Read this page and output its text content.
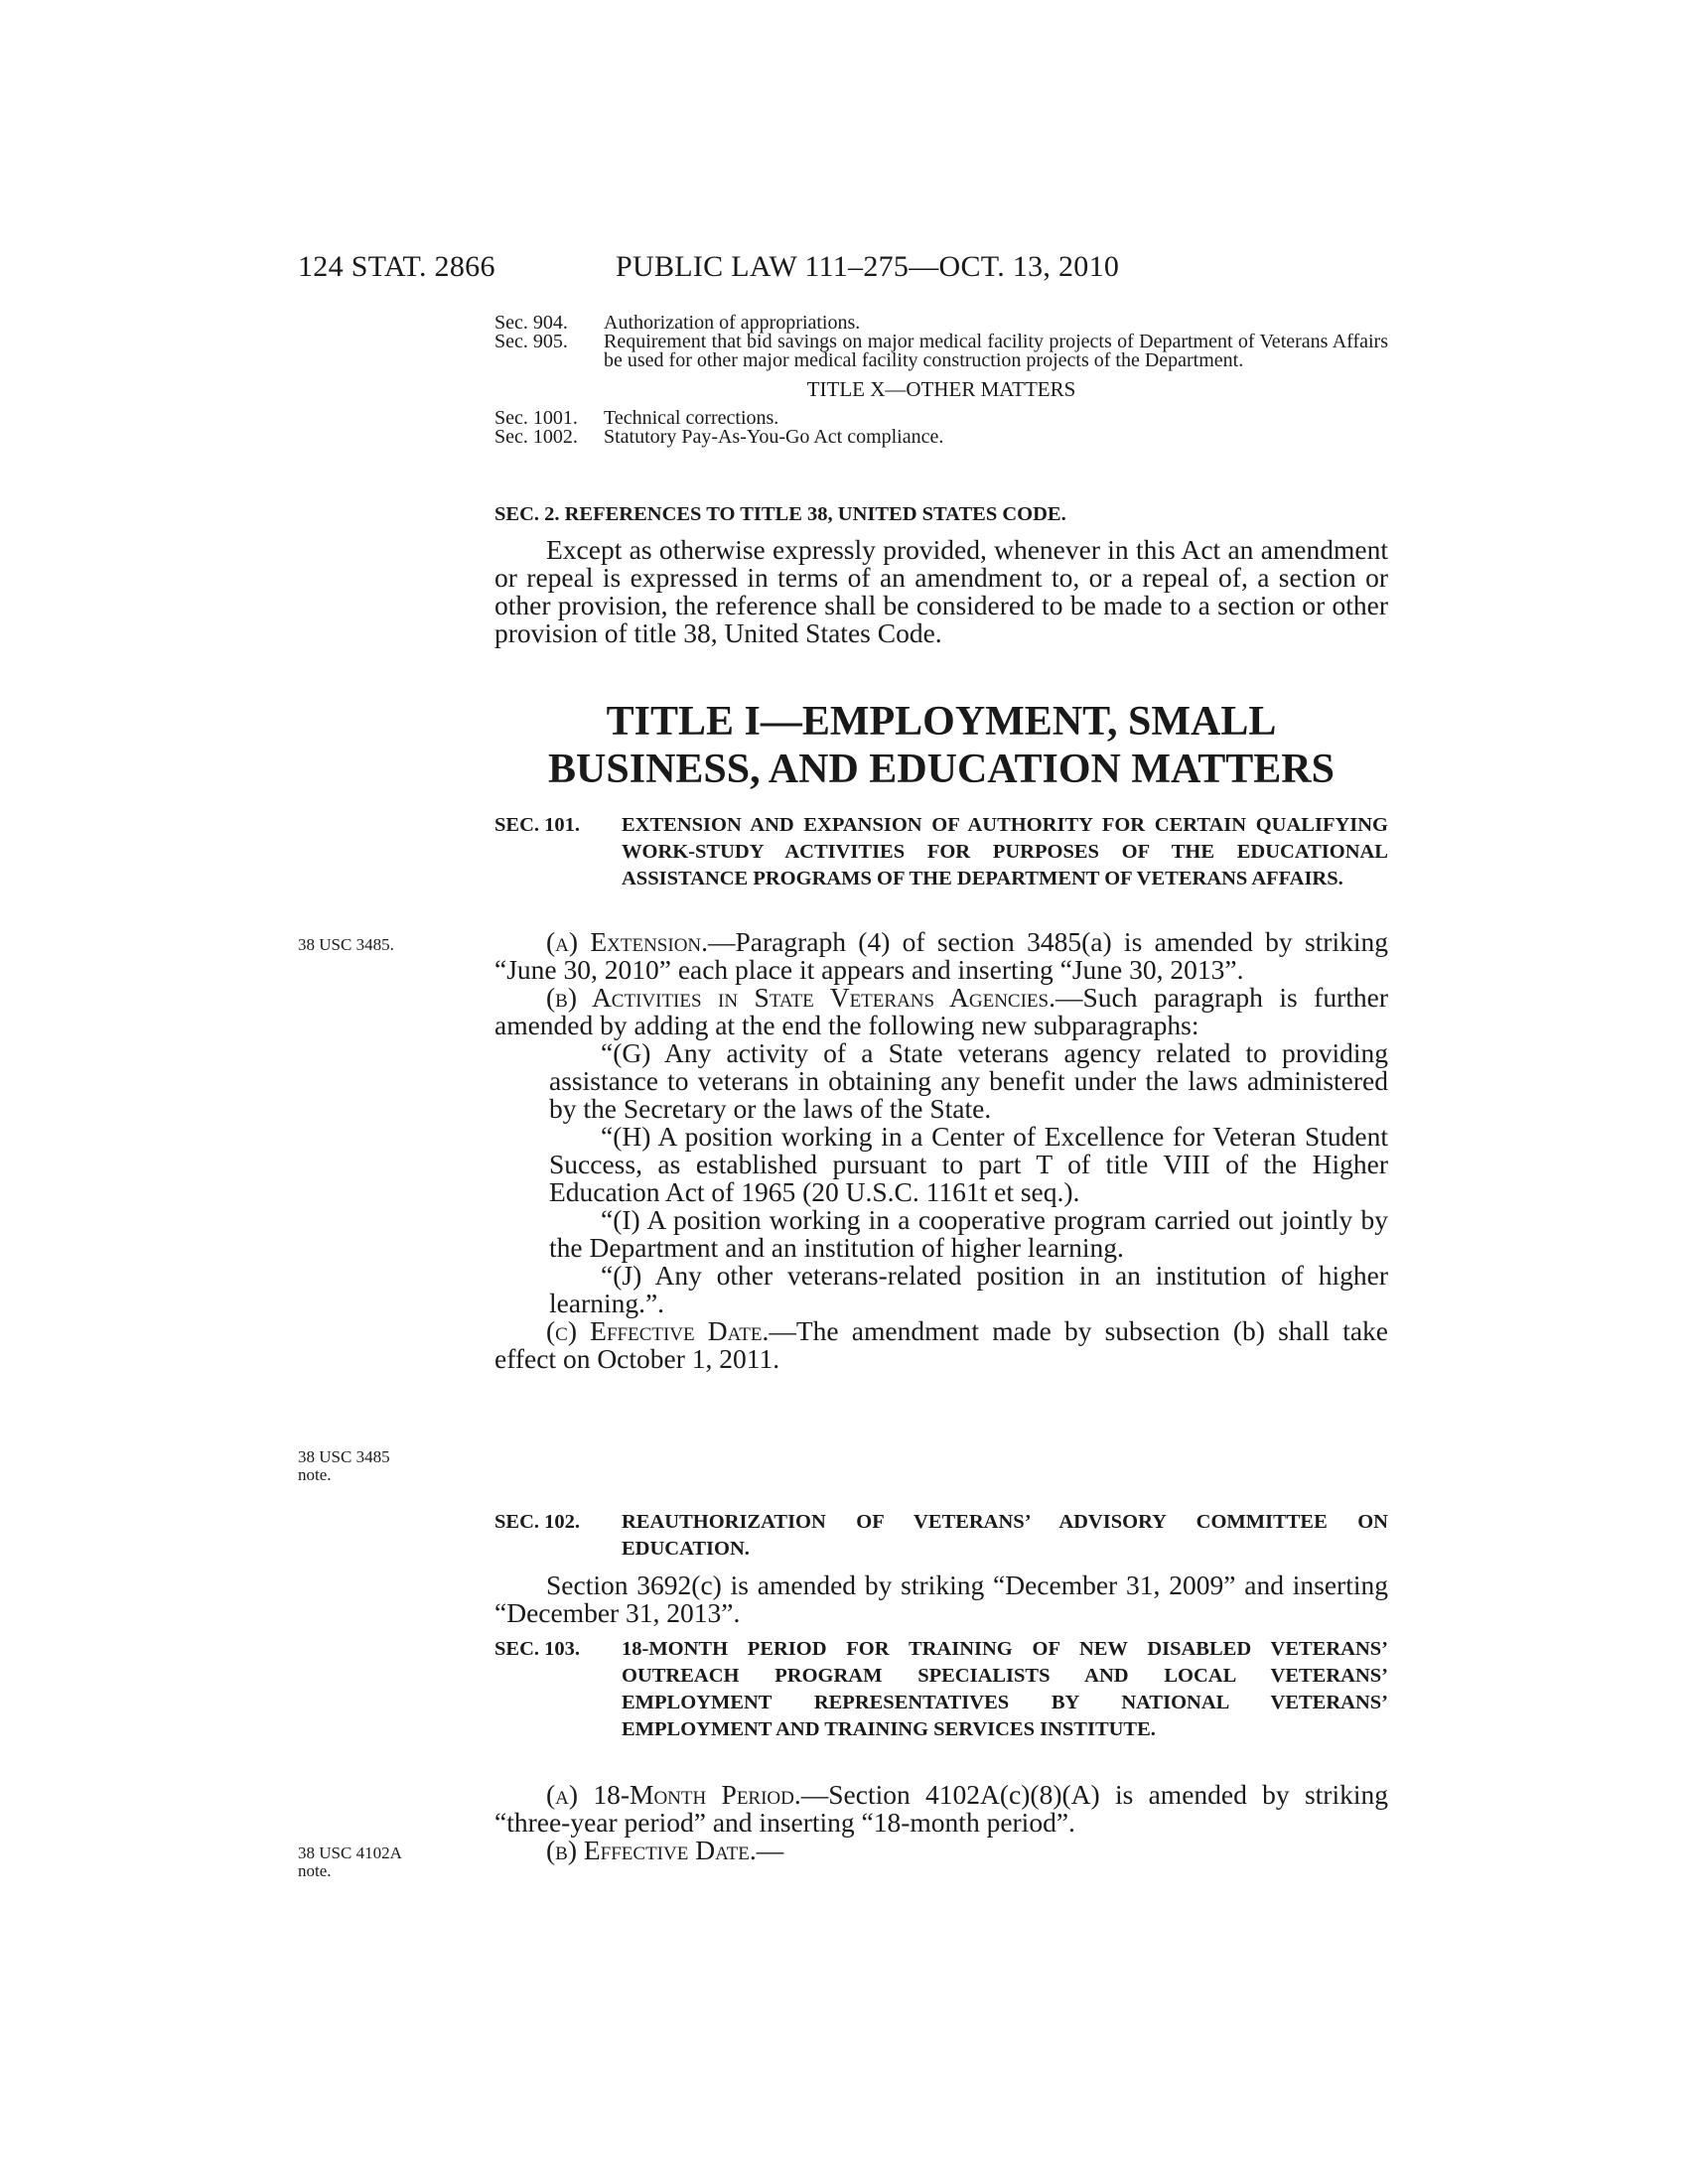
124 STAT. 2866	PUBLIC LAW 111–275—OCT. 13, 2010
Sec. 904.	Authorization of appropriations.
Sec. 905.	Requirement that bid savings on major medical facility projects of Department of Veterans Affairs be used for other major medical facility construction projects of the Department.
TITLE X—OTHER MATTERS
Sec. 1001.	Technical corrections.
Sec. 1002.	Statutory Pay-As-You-Go Act compliance.
SEC. 2. REFERENCES TO TITLE 38, UNITED STATES CODE.

Except as otherwise expressly provided, whenever in this Act an amendment or repeal is expressed in terms of an amendment to, or a repeal of, a section or other provision, the reference shall be considered to be made to a section or other provision of title 38, United States Code.

TITLE I—EMPLOYMENT, SMALL
BUSINESS, AND EDUCATION MATTERS
SEC. 101.	EXTENSION AND EXPANSION OF AUTHORITY FOR CERTAIN QUALIFYING WORK-STUDY ACTIVITIES FOR PURPOSES OF THE EDUCATIONAL ASSISTANCE PROGRAMS OF THE DEPARTMENT OF VETERANS AFFAIRS.
38 USC 3485.	(a) Extension.—Paragraph (4) of section 3485(a) is amended by striking “June 30, 2010” each place it appears and inserting “June 30, 2013”.

(b) Activities in State Veterans Agencies.—Such paragraph is further amended by adding at the end the following new subparagraphs:

“(G) Any activity of a State veterans agency related to providing assistance to veterans in obtaining any benefit under the laws administered by the Secretary or the laws of the State.

“(H) A position working in a Center of Excellence for Veteran Student Success, as established pursuant to part T of title VIII of the Higher Education Act of 1965 (20 U.S.C. 1161t et seq.).

“(I) A position working in a cooperative program carried out jointly by the Department and an institution of higher learning.

“(J) Any other veterans-related position in an institution of higher learning.”.

(c) Effective Date.—The amendment made by subsection (b) shall take effect on October 1, 2011.

38 USC 3485
note.
SEC. 102.	REAUTHORIZATION OF VETERANS’ ADVISORY COMMITTEE ON EDUCATION.

Section 3692(c) is amended by striking “December 31, 2009” and inserting “December 31, 2013”.

SEC. 103.	18-MONTH PERIOD FOR TRAINING OF NEW DISABLED VETERANS’ OUTREACH PROGRAM SPECIALISTS AND LOCAL VETERANS’ EMPLOYMENT REPRESENTATIVES BY NATIONAL VETERANS’ EMPLOYMENT AND TRAINING SERVICES INSTITUTE.

(a) 18-Month Period.—Section 4102A(c)(8)(A) is amended by striking “three-year period” and inserting “18-month period”.

(b) Effective Date.—

38 USC 4102A
note.
